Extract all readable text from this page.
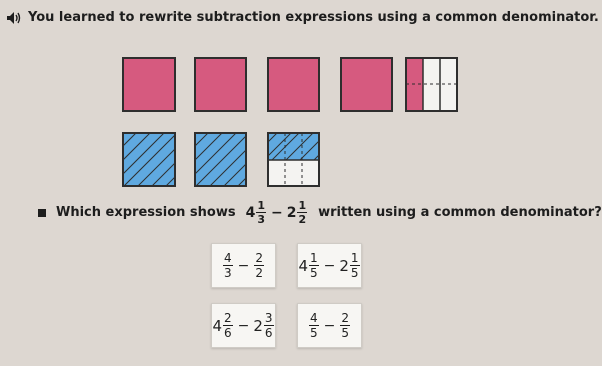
You learned to rewrite subtraction expressions using a common denominator.
Which expression shows $4 \frac{1}{3} - 2 \frac{1}{2}$ written using a common denominator?
$\frac{4}{3} - \frac{2}{2} 4 \frac{1}{5} - 2 \frac{1}{5}$
$4 \frac{2}{6} - 2 \frac{3}{6}$	$\frac{4}{5} - \frac{2}{5}$
